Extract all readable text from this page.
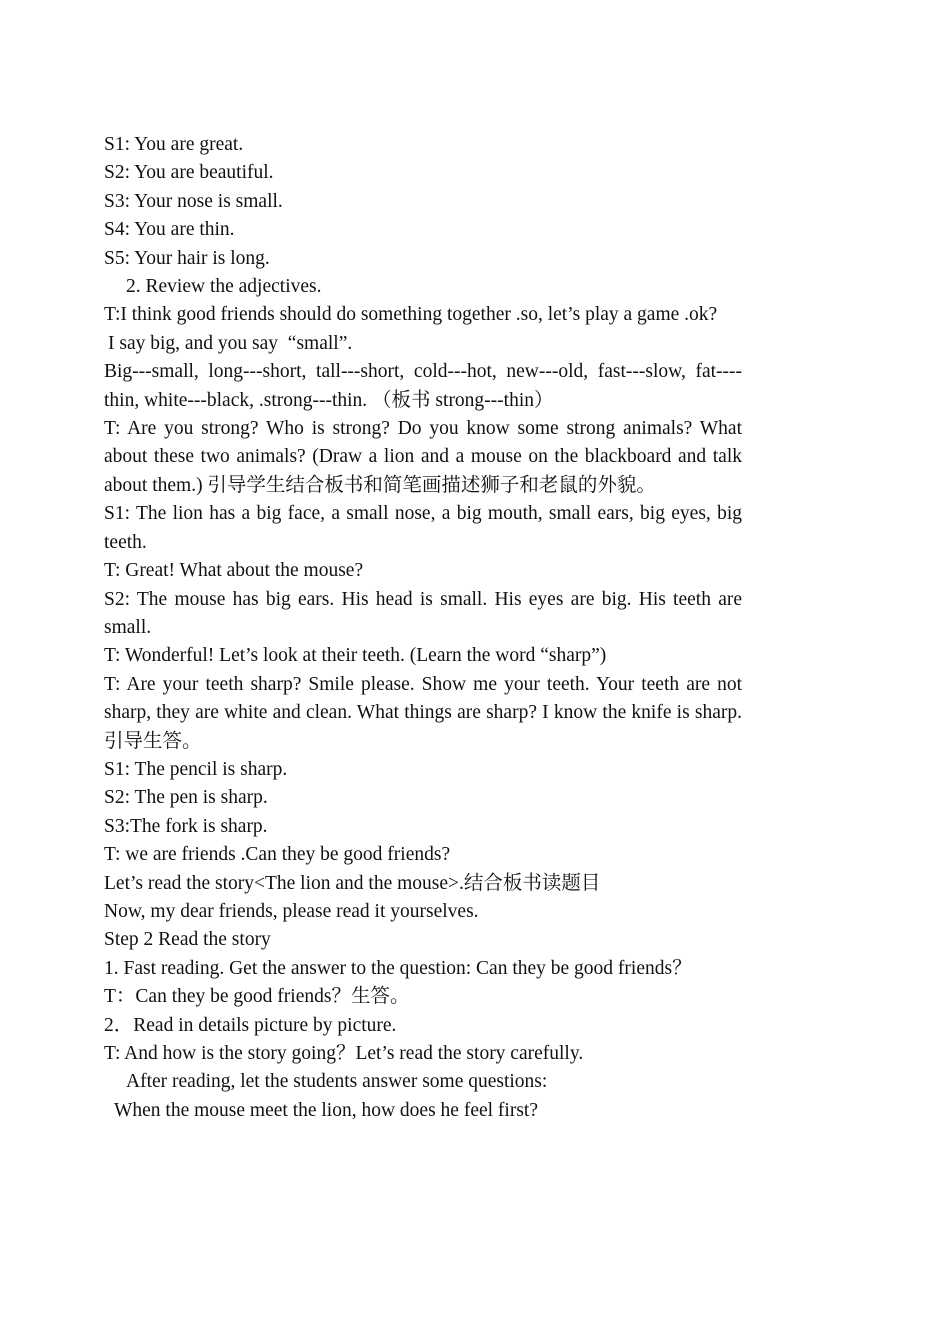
S1: You are great.

S2: You are beautiful.

S3: Your nose is small.

S4: You are thin.

S5: Your hair is long.

2. Review the adjectives.

T:I think good friends should do something together .so, let’s play a game .ok?

I say big, and you say  “small”.

Big---small, long---short, tall---short, cold---hot, new---old, fast---slow, fat----thin, white---black, .strong---thin. （板书 strong---thin）

T: Are you strong? Who is strong? Do you know some strong animals? What about these two animals? (Draw a lion and a mouse on the blackboard and talk about them.) 引导学生结合板书和简笔画描述狮子和老鼠的外貌。

S1: The lion has a big face, a small nose, a big mouth, small ears, big eyes, big teeth.

T: Great! What about the mouse?

S2: The mouse has big ears. His head is small. His eyes are big. His teeth are small.

T: Wonderful! Let’s look at their teeth. (Learn the word “sharp”)

T: Are your teeth sharp? Smile please. Show me your teeth. Your teeth are not sharp, they are white and clean. What things are sharp? I know the knife is sharp.引导生答。

S1: The pencil is sharp.

S2: The pen is sharp.

S3:The fork is sharp.

T: we are friends .Can they be good friends?

Let’s read the story<The lion and the mouse>.结合板书读题目

Now, my dear friends, please read it yourselves.

Step 2 Read the story

1. Fast reading. Get the answer to the question: Can they be good friends？

T：Can they be good friends？生答。

2．Read in details picture by picture.

T: And how is the story going？Let’s read the story carefully.

After reading, let the students answer some questions:

When the mouse meet the lion, how does he feel first?
